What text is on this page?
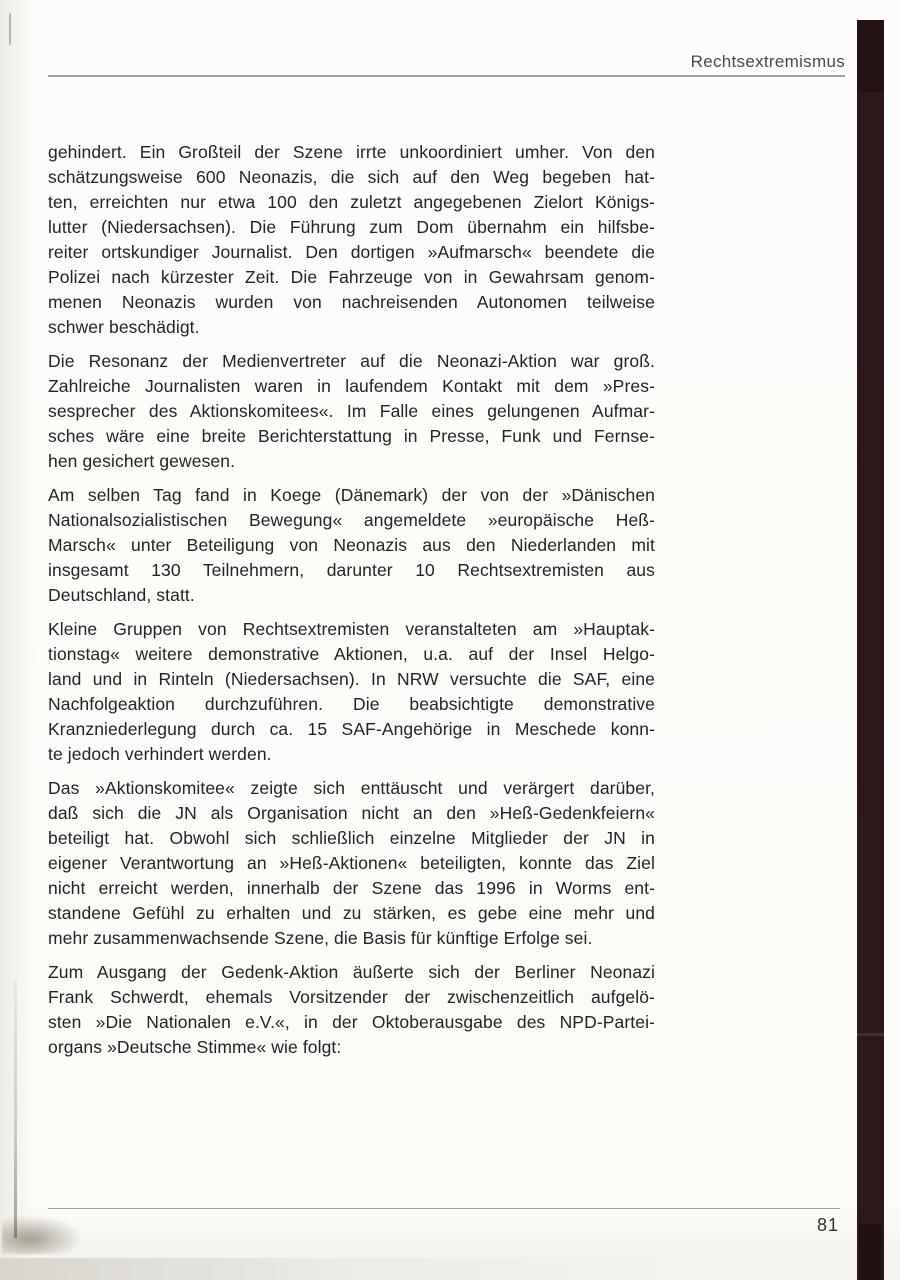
Rechtsextremismus
gehindert. Ein Großteil der Szene irrte unkoordiniert umher. Von den
schätzungsweise 600 Neonazis, die sich auf den Weg begeben hat-
ten, erreichten nur etwa 100 den zuletzt angegebenen Zielort Königs-
lutter (Niedersachsen). Die Führung zum Dom übernahm ein hilfsbe-
reiter ortskundiger Journalist. Den dortigen »Aufmarsch« beendete die
Polizei nach kürzester Zeit. Die Fahrzeuge von in Gewahrsam genom-
menen Neonazis wurden von nachreisenden Autonomen teilweise
schwer beschädigt.
Die Resonanz der Medienvertreter auf die Neonazi-Aktion war groß.
Zahlreiche Journalisten waren in laufendem Kontakt mit dem »Pres-
sesprecher des Aktionskomitees«. Im Falle eines gelungenen Aufmar-
sches wäre eine breite Berichterstattung in Presse, Funk und Fernse-
hen gesichert gewesen.
Am selben Tag fand in Koege (Dänemark) der von der »Dänischen
Nationalsozialistischen Bewegung« angemeldete »europäische Heß-
Marsch« unter Beteiligung von Neonazis aus den Niederlanden mit
insgesamt 130 Teilnehmern, darunter 10 Rechtsextremisten aus
Deutschland, statt.
Kleine Gruppen von Rechtsextremisten veranstalteten am »Hauptak-
tionstag« weitere demonstrative Aktionen, u.a. auf der Insel Helgo-
land und in Rinteln (Niedersachsen). In NRW versuchte die SAF, eine
Nachfolgeaktion durchzuführen. Die beabsichtigte demonstrative
Kranzniederlegung durch ca. 15 SAF-Angehörige in Meschede konn-
te jedoch verhindert werden.
Das »Aktionskomitee« zeigte sich enttäuscht und verärgert darüber,
daß sich die JN als Organisation nicht an den »Heß-Gedenkfeiern«
beteiligt hat. Obwohl sich schließlich einzelne Mitglieder der JN in
eigener Verantwortung an »Heß-Aktionen« beteiligten, konnte das Ziel
nicht erreicht werden, innerhalb der Szene das 1996 in Worms ent-
standene Gefühl zu erhalten und zu stärken, es gebe eine mehr und
mehr zusammenwachsende Szene, die Basis für künftige Erfolge sei.
Zum Ausgang der Gedenk-Aktion äußerte sich der Berliner Neonazi
Frank Schwerdt, ehemals Vorsitzender der zwischenzeitlich aufgelö-
sten »Die Nationalen e.V.«, in der Oktoberausgabe des NPD-Partei-
organs »Deutsche Stimme« wie folgt:
81
